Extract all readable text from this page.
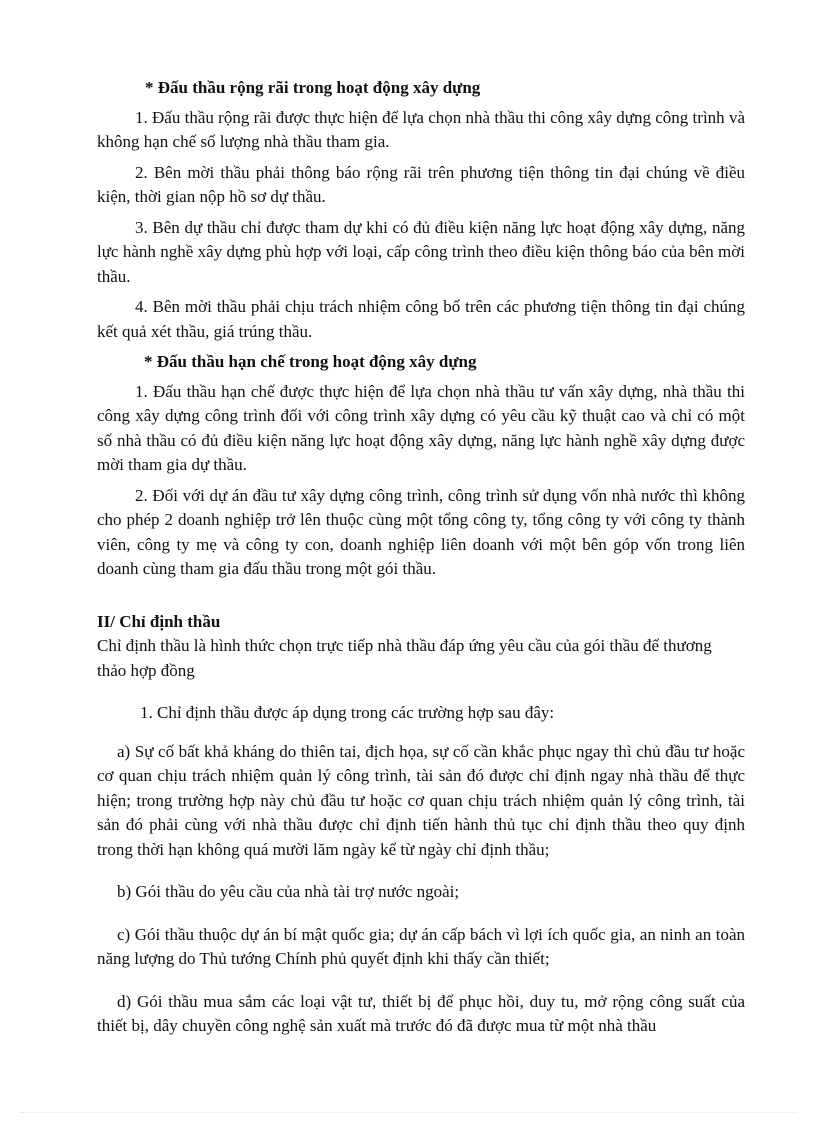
* Đấu thầu rộng rãi trong hoạt động xây dựng

1. Đấu thầu rộng rãi được thực hiện để lựa chọn nhà thầu thi công xây dựng công trình và không hạn chế số lượng nhà thầu tham gia.

2. Bên mời thầu phải thông báo rộng rãi trên phương tiện thông tin đại chúng về điều kiện, thời gian nộp hồ sơ dự thầu.

3. Bên dự thầu chỉ được tham dự khi có đủ điều kiện năng lực hoạt động xây dựng, năng lực hành nghề xây dựng phù hợp với loại, cấp công trình theo điều kiện thông báo của bên mời thầu.

4. Bên mời thầu phải chịu trách nhiệm công bố trên các phương tiện thông tin đại chúng kết quả xét thầu, giá trúng thầu.

* Đấu thầu hạn chế trong hoạt động xây dựng

1. Đấu thầu hạn chế được thực hiện để lựa chọn nhà thầu tư vấn xây dựng, nhà thầu thi công xây dựng công trình đối với công trình xây dựng có yêu cầu kỹ thuật cao và chỉ có một số nhà thầu có đủ điều kiện năng lực hoạt động xây dựng, năng lực hành nghề xây dựng được mời tham gia dự thầu.

2. Đối với dự án đầu tư xây dựng công trình, công trình sử dụng vốn nhà nước thì không cho phép 2 doanh nghiệp trở lên thuộc cùng một tổng công ty, tổng công ty với công ty thành viên, công ty mẹ và công ty con, doanh nghiệp liên doanh với một bên góp vốn trong liên doanh cùng tham gia đấu thầu trong một gói thầu.

II/ Chỉ định thầu

Chỉ định thầu là hình thức chọn trực tiếp nhà thầu đáp ứng yêu cầu của gói thầu để thương thảo hợp đồng

1. Chỉ định thầu được áp dụng trong các trường hợp sau đây:

a) Sự cố bất khả kháng do thiên tai, địch họa, sự cố cần khắc phục ngay thì chủ đầu tư hoặc cơ quan chịu trách nhiệm quản lý công trình, tài sản đó được chỉ định ngay nhà thầu để thực hiện; trong trường hợp này chủ đầu tư hoặc cơ quan chịu trách nhiệm quản lý công trình, tài sản đó phải cùng với nhà thầu được chỉ định tiến hành thủ tục chỉ định thầu theo quy định trong thời hạn không quá mười lăm ngày kể từ ngày chỉ định thầu;

b) Gói thầu do yêu cầu của nhà tài trợ nước ngoài;

c) Gói thầu thuộc dự án bí mật quốc gia; dự án cấp bách vì lợi ích quốc gia, an ninh an toàn năng lượng do Thủ tướng Chính phủ quyết định khi thấy cần thiết;

d) Gói thầu mua sắm các loại vật tư, thiết bị để phục hồi, duy tu, mở rộng công suất của thiết bị, dây chuyền công nghệ sản xuất mà trước đó đã được mua từ một nhà thầu
